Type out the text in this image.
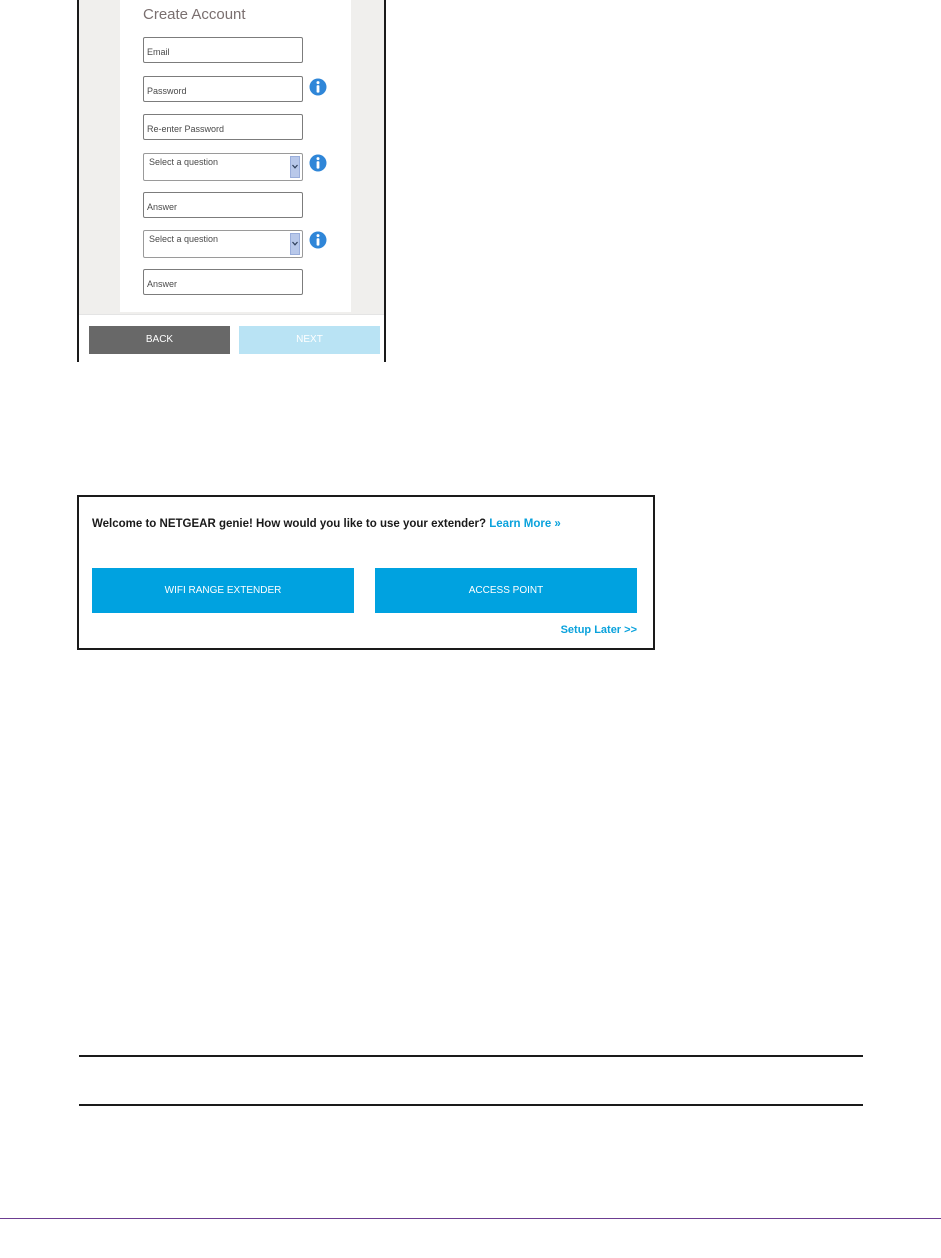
Create Account
Email
Password
Re-enter Password
Select a question
Answer
Select a question
Answer
BACK	NEXT
Welcome to NETGEAR genie! How would you like to use your extender? Learn More »
WIFI RANGE EXTENDER	ACCESS POINT
Setup Later >>
